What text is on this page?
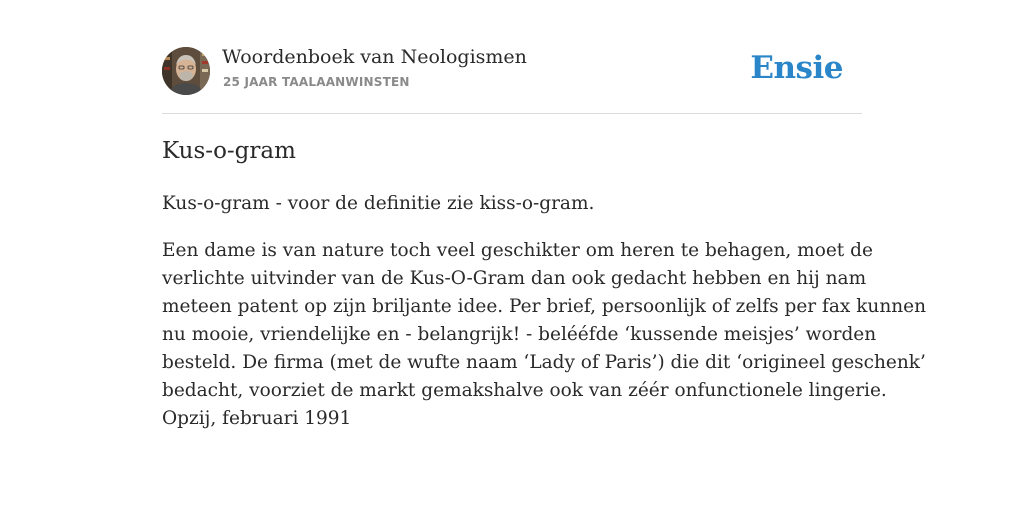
Woordenboek van Neologismen
25 JAAR TAALAANWINSTEN	Ensie
Kus-o-gram

Kus-o-gram - voor de definitie zie kiss-o-gram.

Een dame is van nature toch veel geschikter om heren te behagen, moet de
verlichte uitvinder van de Kus-O-Gram dan ook gedacht hebben en hij nam
meteen patent op zijn briljante idee. Per brief, persoonlijk of zelfs per fax kunnen
nu mooie, vriendelijke en - belangrijk! - belééfde ‘kussende meisjes’ worden
besteld. De firma (met de wufte naam ‘Lady of Paris’) die dit ‘origineel geschenk’
bedacht, voorziet de markt gemakshalve ook van zéér onfunctionele lingerie.
Opzij, februari 1991
